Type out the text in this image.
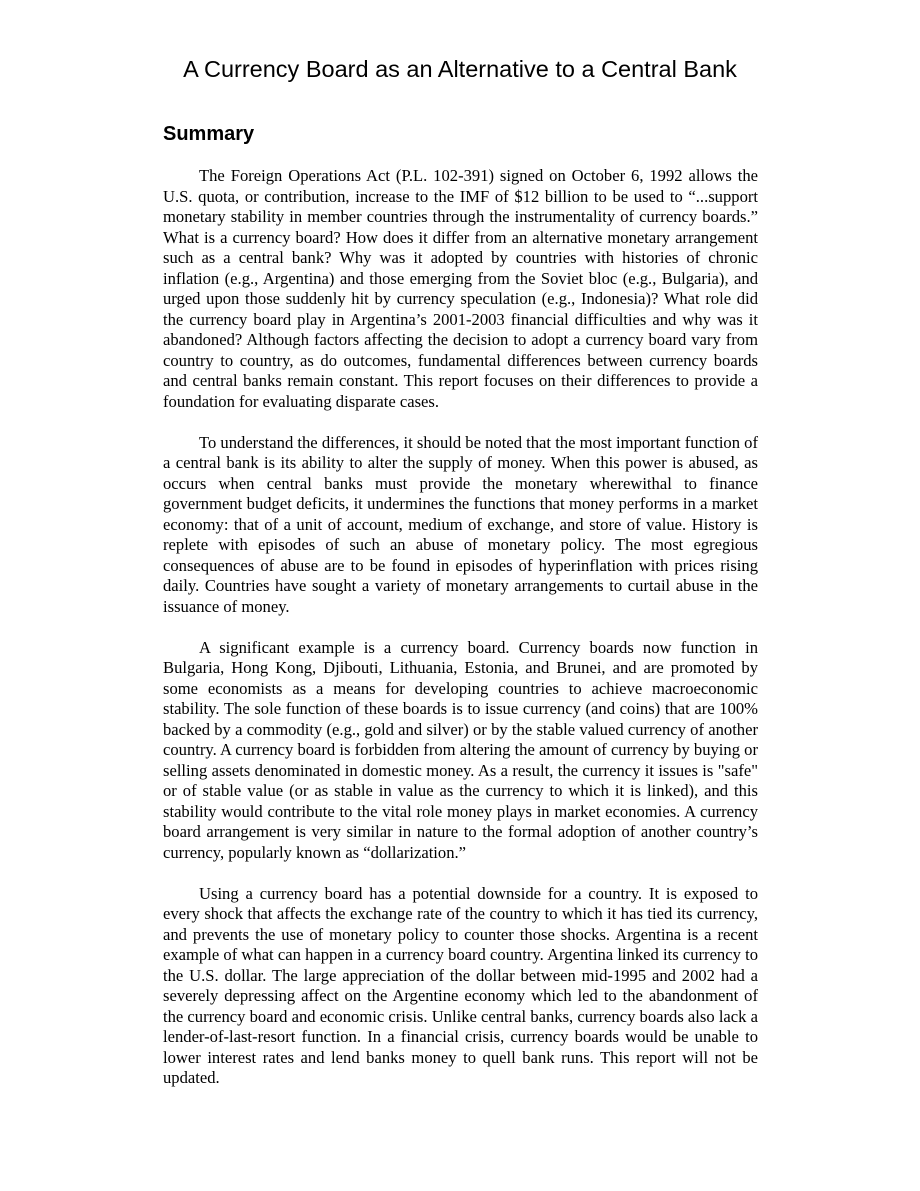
A Currency Board as an Alternative to a Central Bank
Summary

The Foreign Operations Act (P.L. 102-391) signed on October 6, 1992 allows the U.S. quota, or contribution, increase to the IMF of $12 billion to be used to “...support monetary stability in member countries through the instrumentality of currency boards.” What is a currency board? How does it differ from an alternative monetary arrangement such as a central bank? Why was it adopted by countries with histories of chronic inflation (e.g., Argentina) and those emerging from the Soviet bloc (e.g., Bulgaria), and urged upon those suddenly hit by currency speculation (e.g., Indonesia)? What role did the currency board play in Argentina’s 2001-2003 financial difficulties and why was it abandoned? Although factors affecting the decision to adopt a currency board vary from country to country, as do outcomes, fundamental differences between currency boards and central banks remain constant. This report focuses on their differences to provide a foundation for evaluating disparate cases.

To understand the differences, it should be noted that the most important function of a central bank is its ability to alter the supply of money. When this power is abused, as occurs when central banks must provide the monetary wherewithal to finance government budget deficits, it undermines the functions that money performs in a market economy: that of a unit of account, medium of exchange, and store of value. History is replete with episodes of such an abuse of monetary policy. The most egregious consequences of abuse are to be found in episodes of hyperinflation with prices rising daily. Countries have sought a variety of monetary arrangements to curtail abuse in the issuance of money.

A significant example is a currency board. Currency boards now function in Bulgaria, Hong Kong, Djibouti, Lithuania, Estonia, and Brunei, and are promoted by some economists as a means for developing countries to achieve macroeconomic stability. The sole function of these boards is to issue currency (and coins) that are 100% backed by a commodity (e.g., gold and silver) or by the stable valued currency of another country. A currency board is forbidden from altering the amount of currency by buying or selling assets denominated in domestic money. As a result, the currency it issues is "safe" or of stable value (or as stable in value as the currency to which it is linked), and this stability would contribute to the vital role money plays in market economies. A currency board arrangement is very similar in nature to the formal adoption of another country’s currency, popularly known as “dollarization.”

Using a currency board has a potential downside for a country. It is exposed to every shock that affects the exchange rate of the country to which it has tied its currency, and prevents the use of monetary policy to counter those shocks. Argentina is a recent example of what can happen in a currency board country. Argentina linked its currency to the U.S. dollar. The large appreciation of the dollar between mid-1995 and 2002 had a severely depressing affect on the Argentine economy which led to the abandonment of the currency board and economic crisis. Unlike central banks, currency boards also lack a lender-of-last-resort function. In a financial crisis, currency boards would be unable to lower interest rates and lend banks money to quell bank runs. This report will not be updated.
